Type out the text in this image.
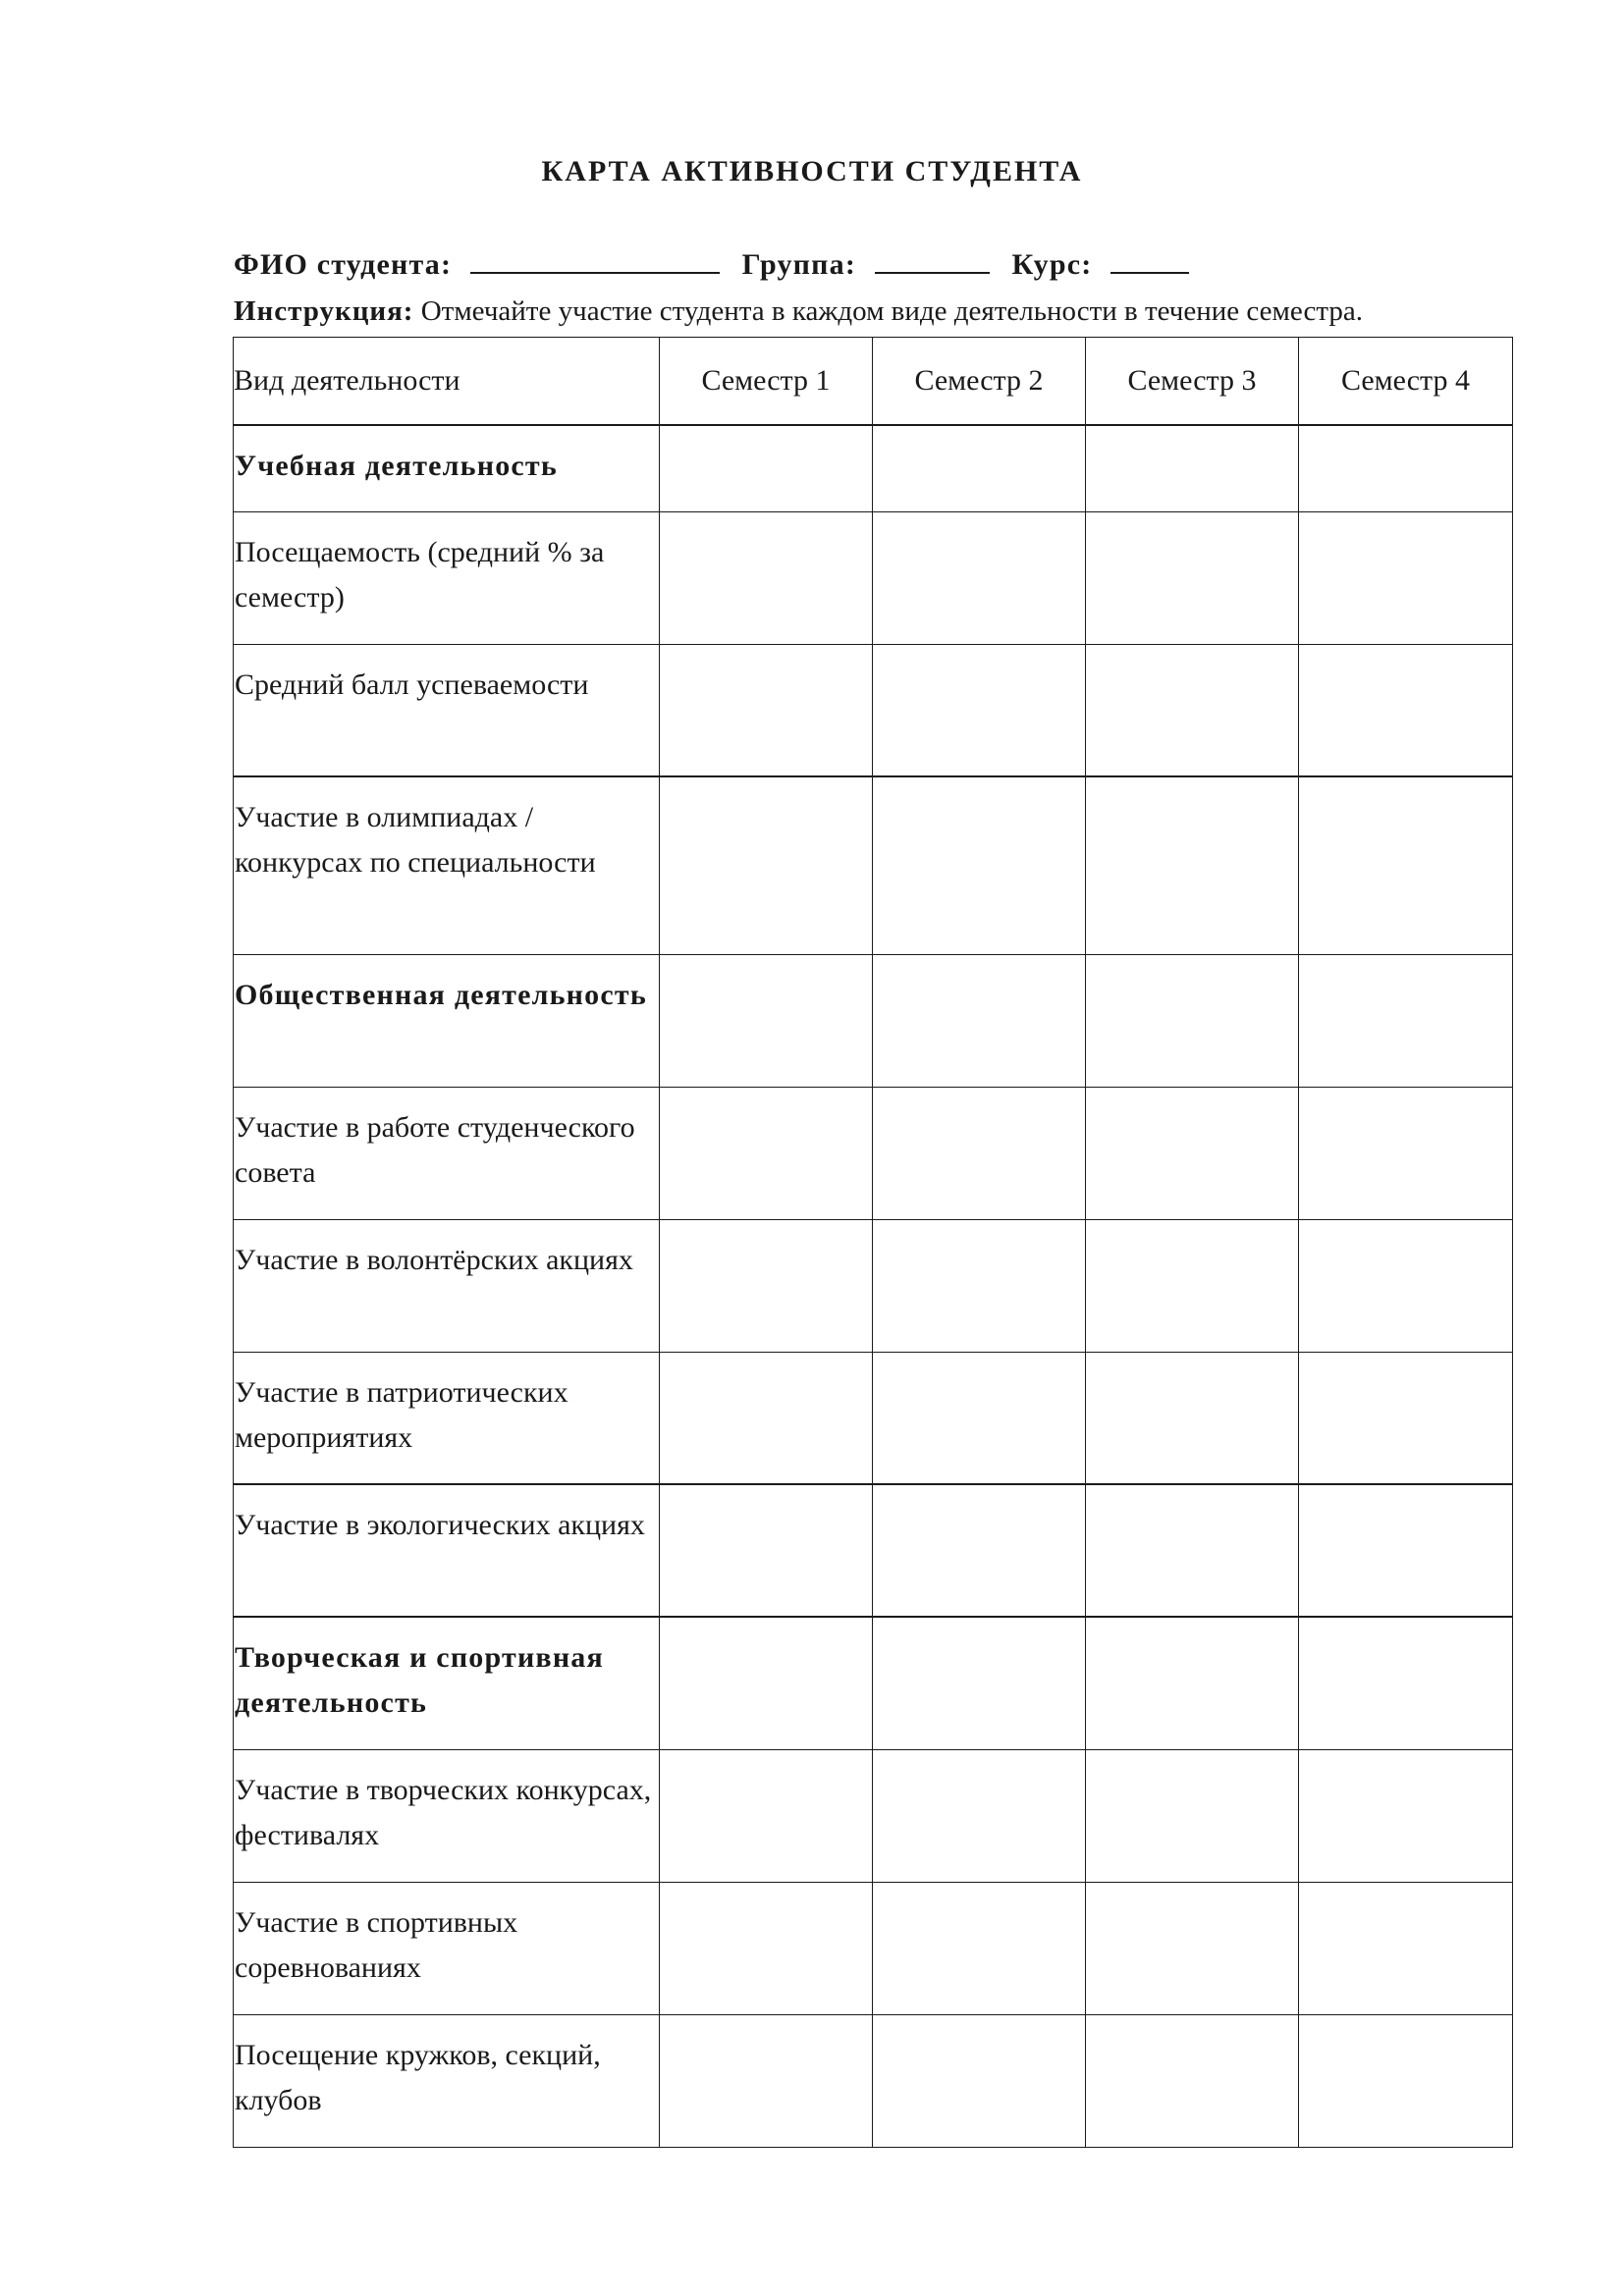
КАРТА АКТИВНОСТИ СТУДЕНТА
ФИО студента:	Группа:	Курс:
Инструкция: Отмечайте участие студента в каждом виде деятельности в течение семестра.
Вид деятельности	Семестр 1	Семестр 2	Семестр 3	Семестр 4
Учебная деятельность				
Посещаемость (средний % за семестр)				
Средний балл успеваемости				
Участие в олимпиадах / конкурсах по специальности				
Общественная деятельность				
Участие в работе студенческого совета				
Участие в волонтёрских акциях				
Участие в патриотических мероприятиях				
Участие в экологических акциях				
Творческая и спортивная деятельность				
Участие в творческих конкурсах, фестивалях				
Участие в спортивных соревнованиях				
Посещение кружков, секций, клубов				
